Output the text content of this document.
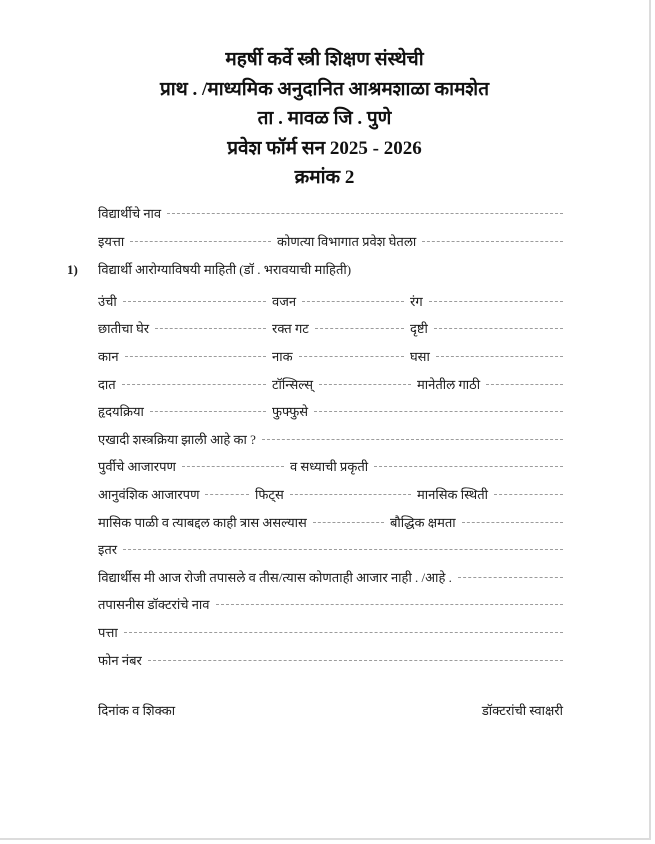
महर्षी कर्वे स्त्री शिक्षण संस्थेची
प्राथ . /माध्यमिक अनुदानित आश्रमशाळा कामशेत
ता . मावळ जि . पुणे
प्रवेश फॉर्म सन 2025 - 2026
क्रमांक 2
विद्यार्थीचे नाव
इयत्ता	कोणत्या विभागात प्रवेश घेतला
1) विद्यार्थी आरोग्याविषयी माहिती (डॉ . भरावयाची माहिती)
उंची	वजन	रंग
छातीचा घेर	रक्त गट	दृष्टी
कान	नाक	घसा
दात	टॉन्सिल्स्	मानेतील गाठी
हृदयक्रिया	फुफ्फुसे
एखादी शस्त्रक्रिया झाली आहे का ?
पुर्वीचे आजारपण	व सध्याची प्रकृती
आनुवंशिक आजारपण	फिट्स	मानसिक स्थिती
मासिक पाळी व त्याबद्दल काही त्रास असल्यास	बौद्धिक क्षमता
इतर
विद्यार्थीस मी आज रोजी तपासले व तीस/त्यास कोणताही आजार नाही . /आहे .
तपासनीस डॉक्टरांचे नाव
पत्ता
फोन नंबर
दिनांक व शिक्का	डॉक्टरांची स्वाक्षरी
